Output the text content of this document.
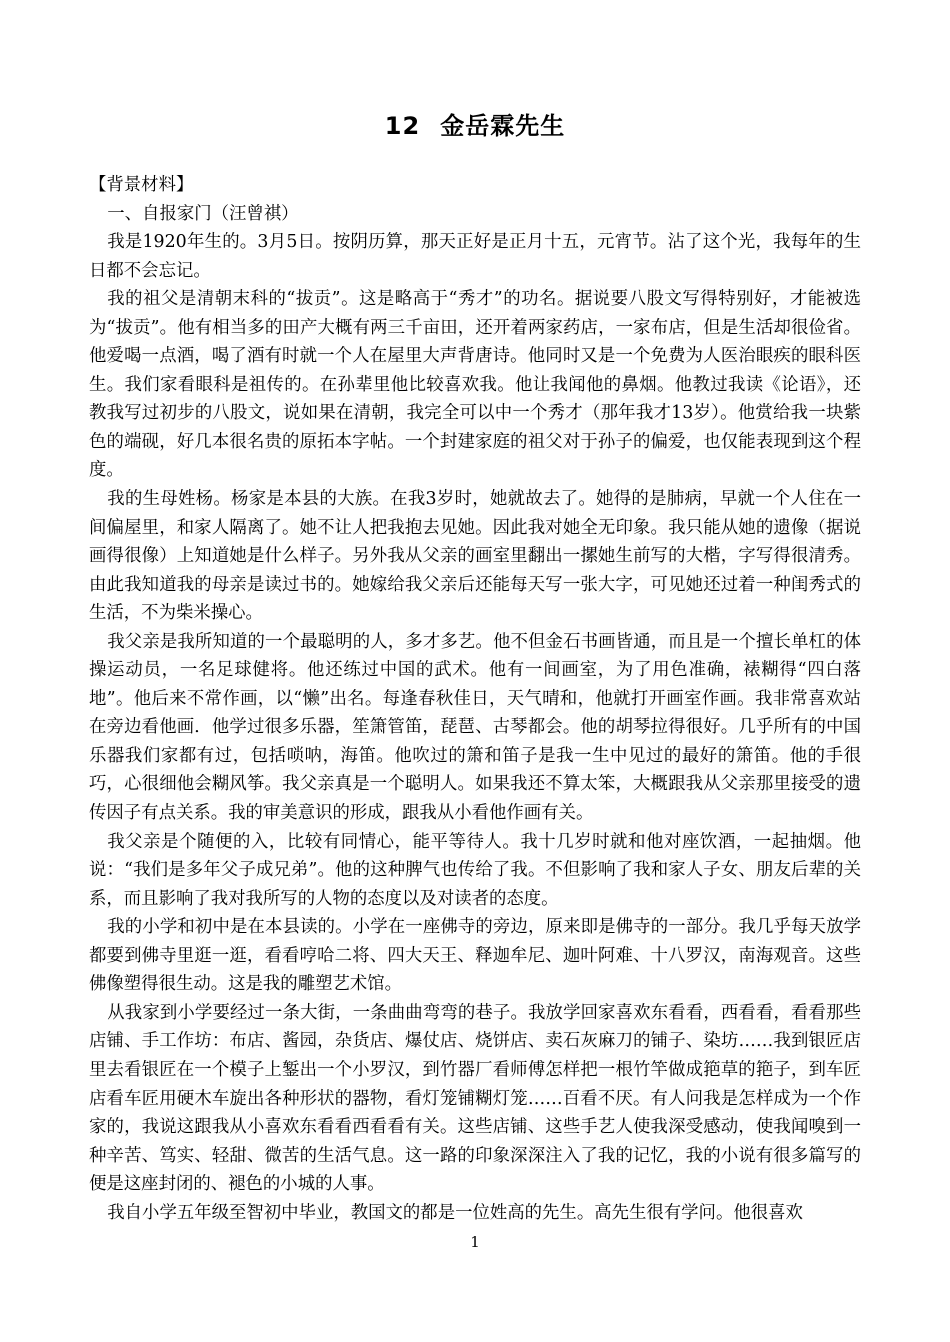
12 金岳霖先生

【背景材料】

一、自报家门（汪曾祺）

我是1920年生的。3月5日。按阴历算，那天正好是正月十五，元宵节。沾了这个光，我每年的生日都不会忘记。

我的祖父是清朝末科的“拔贡”。这是略高于“秀才”的功名。据说要八股文写得特别好，才能被选为“拔贡”。他有相当多的田产大概有两三千亩田，还开着两家药店，一家布店，但是生活却很俭省。他爱喝一点酒，喝了酒有时就一个人在屋里大声背唐诗。他同时又是一个免费为人医治眼疾的眼科医生。我们家看眼科是祖传的。在孙辈里他比较喜欢我。他让我闻他的鼻烟。他教过我读《论语》，还教我写过初步的八股文，说如果在清朝，我完全可以中一个秀才（那年我才13岁）。他赏给我一块紫色的端砚，好几本很名贵的原拓本字帖。一个封建家庭的祖父对于孙子的偏爱，也仅能表现到这个程度。

我的生母姓杨。杨家是本县的大族。在我3岁时，她就故去了。她得的是肺病，早就一个人住在一间偏屋里，和家人隔离了。她不让人把我抱去见她。因此我对她全无印象。我只能从她的遗像（据说画得很像）上知道她是什么样子。另外我从父亲的画室里翻出一摞她生前写的大楷，字写得很清秀。由此我知道我的母亲是读过书的。她嫁给我父亲后还能每天写一张大字，可见她还过着一种闺秀式的生活，不为柴米操心。

我父亲是我所知道的一个最聪明的人，多才多艺。他不但金石书画皆通，而且是一个擅长单杠的体操运动员，一名足球健将。他还练过中国的武术。他有一间画室，为了用色准确，裱糊得“四白落地”。他后来不常作画，以“懒”出名。每逢春秋佳日，天气晴和，他就打开画室作画。我非常喜欢站在旁边看他画．他学过很多乐器，笙箫管笛，琵琶、古琴都会。他的胡琴拉得很好。几乎所有的中国乐器我们家都有过，包括唢呐，海笛。他吹过的箫和笛子是我一生中见过的最好的箫笛。他的手很巧，心很细他会糊风筝。我父亲真是一个聪明人。如果我还不算太笨，大概跟我从父亲那里接受的遗传因子有点关系。我的审美意识的形成，跟我从小看他作画有关。

我父亲是个随便的入，比较有同情心，能平等待人。我十几岁时就和他对座饮酒，一起抽烟。他说：“我们是多年父子成兄弟”。他的这种脾气也传给了我。不但影响了我和家人子女、朋友后辈的关系，而且影响了我对我所写的人物的态度以及对读者的态度。

我的小学和初中是在本县读的。小学在一座佛寺的旁边，原来即是佛寺的一部分。我几乎每天放学都要到佛寺里逛一逛，看看哼哈二将、四大天王、释迦牟尼、迦叶阿难、十八罗汉，南海观音。这些佛像塑得很生动。这是我的雕塑艺术馆。

从我家到小学要经过一条大街，一条曲曲弯弯的巷子。我放学回家喜欢东看看，西看看，看看那些店铺、手工作坊：布店、酱园，杂货店、爆仗店、烧饼店、卖石灰麻刀的铺子、染坊……我到银匠店里去看银匠在一个模子上錾出一个小罗汉，到竹器厂看师傅怎样把一根竹竿做成筢草的筢子，到车匠店看车匠用硬木车旋出各种形状的器物，看灯笼铺糊灯笼……百看不厌。有人问我是怎样成为一个作家的，我说这跟我从小喜欢东看看西看看有关。这些店铺、这些手艺人使我深受感动，使我闻嗅到一种辛苦、笃实、轻甜、微苦的生活气息。这一路的印象深深注入了我的记忆，我的小说有很多篇写的便是这座封闭的、褪色的小城的人事。

我自小学五年级至智初中毕业，教国文的都是一位姓高的先生。高先生很有学问。他很喜欢

1
